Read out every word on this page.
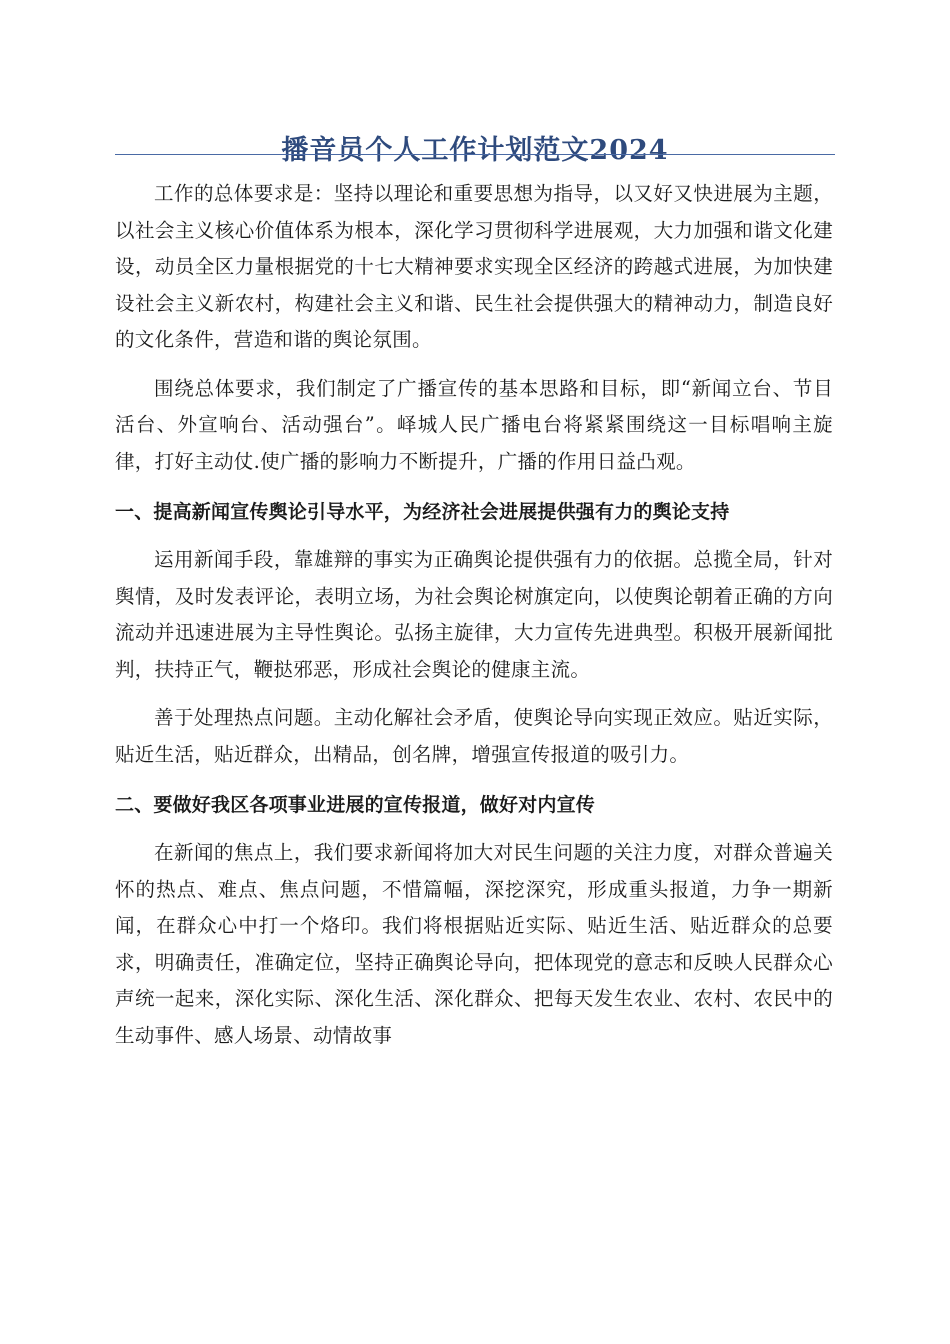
播音员个人工作计划范文2024

工作的总体要求是：坚持以理论和重要思想为指导，以又好又快进展为主题，以社会主义核心价值体系为根本，深化学习贯彻科学进展观，大力加强和谐文化建设，动员全区力量根据党的十七大精神要求实现全区经济的跨越式进展，为加快建设社会主义新农村，构建社会主义和谐、民生社会提供强大的精神动力，制造良好的文化条件，营造和谐的舆论氛围。

围绕总体要求，我们制定了广播宣传的基本思路和目标，即“新闻立台、节目活台、外宣响台、活动强台”。峄城人民广播电台将紧紧围绕这一目标唱响主旋律，打好主动仗.使广播的影响力不断提升，广播的作用日益凸观。

一、提高新闻宣传舆论引导水平，为经济社会进展提供强有力的舆论支持

运用新闻手段，靠雄辩的事实为正确舆论提供强有力的依据。总揽全局，针对舆情，及时发表评论，表明立场，为社会舆论树旗定向，以使舆论朝着正确的方向流动并迅速进展为主导性舆论。弘扬主旋律，大力宣传先进典型。积极开展新闻批判，扶持正气，鞭挞邪恶，形成社会舆论的健康主流。

善于处理热点问题。主动化解社会矛盾，使舆论导向实现正效应。贴近实际，贴近生活，贴近群众，出精品，创名牌，增强宣传报道的吸引力。

二、要做好我区各项事业进展的宣传报道，做好对内宣传

在新闻的焦点上，我们要求新闻将加大对民生问题的关注力度，对群众普遍关怀的热点、难点、焦点问题，不惜篇幅，深挖深究，形成重头报道，力争一期新闻，在群众心中打一个烙印。我们将根据贴近实际、贴近生活、贴近群众的总要求，明确责任，准确定位，坚持正确舆论导向，把体现党的意志和反映人民群众心声统一起来，深化实际、深化生活、深化群众、把每天发生农业、农村、农民中的生动事件、感人场景、动情故事
